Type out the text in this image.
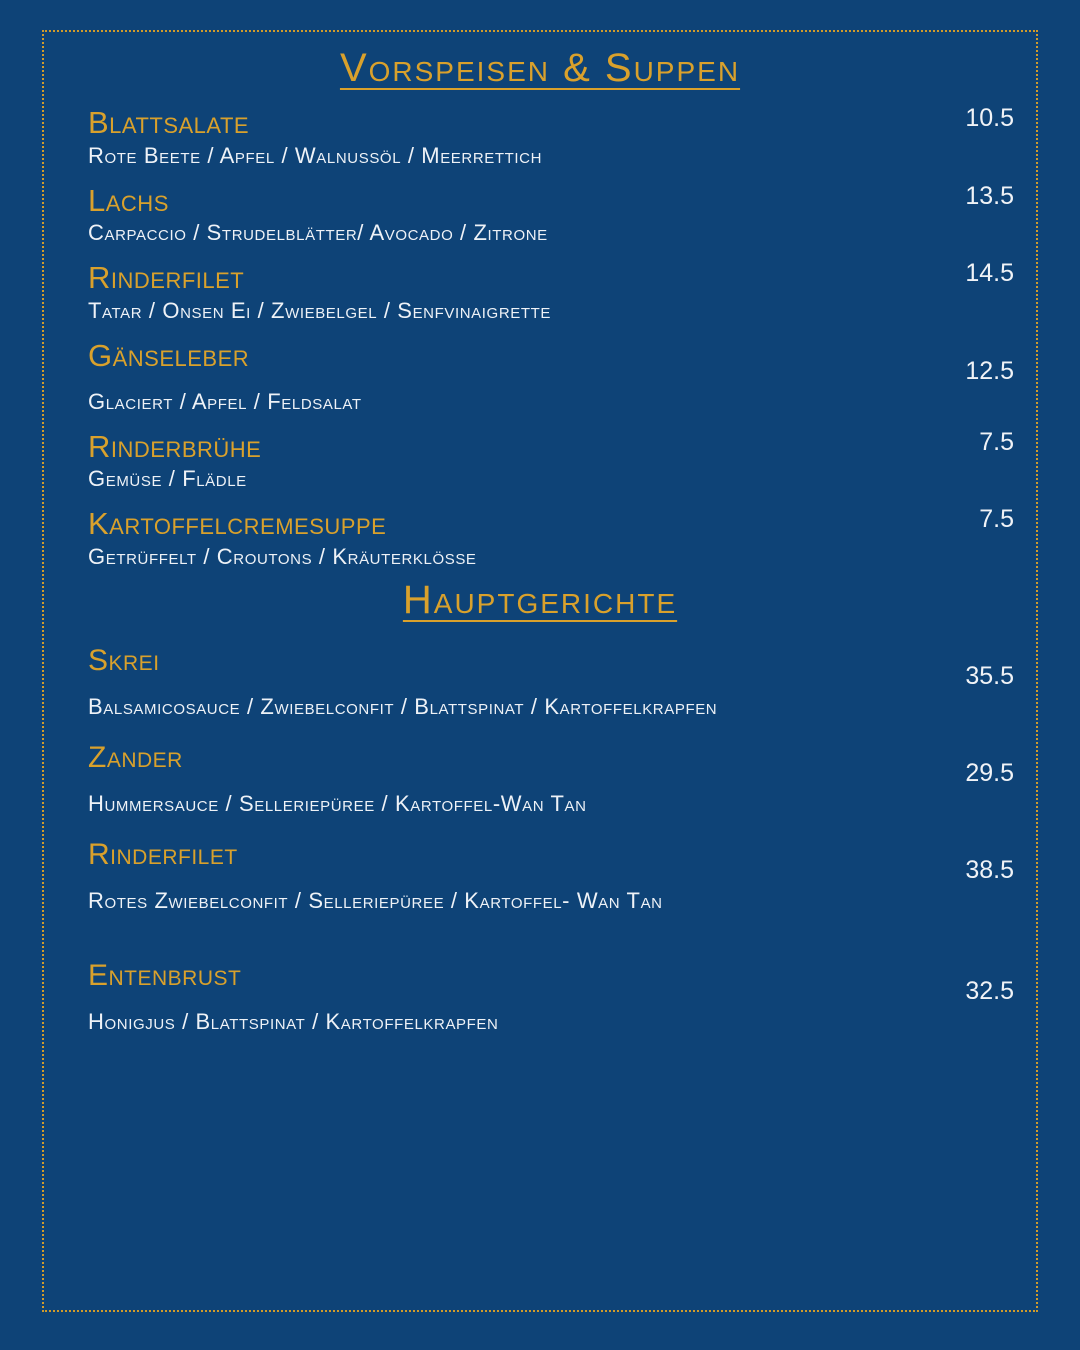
Vorspeisen & Suppen
Blattsalate	10.5
Rote Beete / Apfel / Walnussöl / Meerrettich
Lachs	13.5
Carpaccio / Strudelblätter/ Avocado / Zitrone
Rinderfilet	14.5
Tatar / Onsen Ei / Zwiebelgel / Senfvinaigrette
Gänseleber	12.5
Glaciert / Apfel / Feldsalat
Rinderbrühe	7.5
Gemüse / Flädle
Kartoffelcremesuppe	7.5
Getrüffelt / Croutons / Kräuterklösse
Hauptgerichte
Skrei	35.5
Balsamicosauce / Zwiebelconfit / Blattspinat / Kartoffelkrapfen
Zander	29.5
Hummersauce / Selleriepüree / Kartoffel-Wan Tan
Rinderfilet	38.5
Rotes Zwiebelconfit / Selleriepüree / Kartoffel- Wan Tan
Entenbrust	32.5
Honigjus / Blattspinat / Kartoffelkrapfen
